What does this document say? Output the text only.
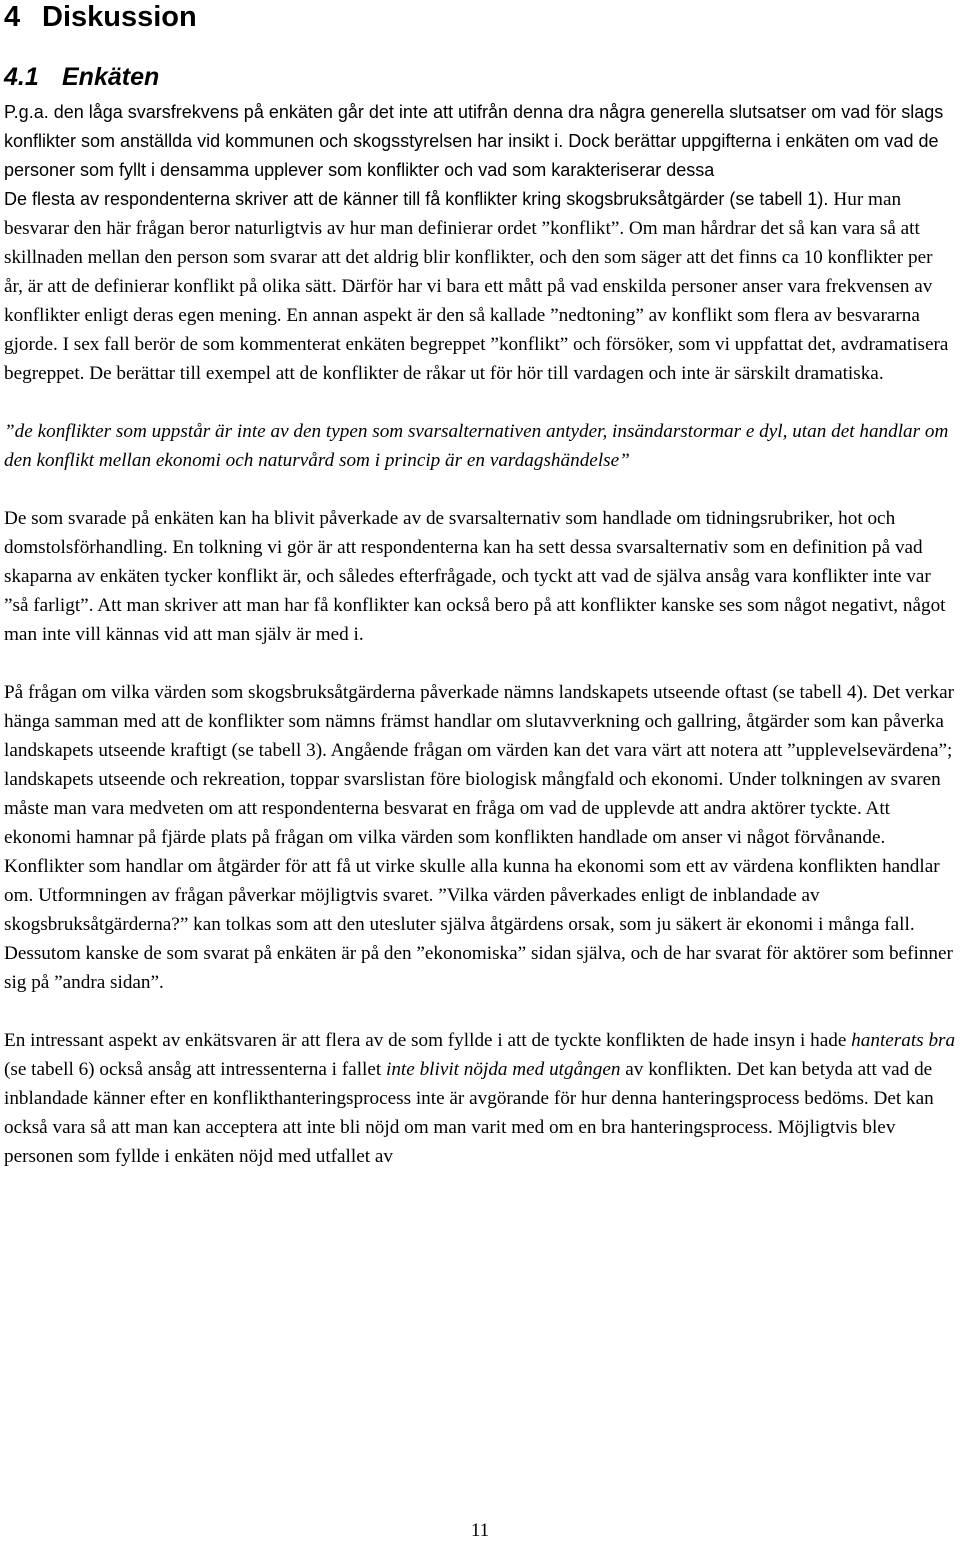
4 Diskussion
4.1 Enkäten

P.g.a. den låga svarsfrekvens på enkäten går det inte att utifrån denna dra några generella slutsatser om vad för slags konflikter som anställda vid kommunen och skogsstyrelsen har insikt i. Dock berättar uppgifterna i enkäten om vad de personer som fyllt i densamma upplever som konflikter och vad som karakteriserar dessa
De flesta av respondenterna skriver att de känner till få konflikter kring skogsbruksåtgärder (se tabell 1). Hur man besvarar den här frågan beror naturligtvis av hur man definierar ordet ”konflikt”. Om man hårdrar det så kan vara så att skillnaden mellan den person som svarar att det aldrig blir konflikter, och den som säger att det finns ca 10 konflikter per år, är att de definierar konflikt på olika sätt. Därför har vi bara ett mått på vad enskilda personer anser vara frekvensen av konflikter enligt deras egen mening. En annan aspekt är den så kallade ”nedtoning” av konflikt som flera av besvararna gjorde. I sex fall berör de som kommenterat enkäten begreppet ”konflikt” och försöker, som vi uppfattat det, avdramatisera begreppet. De berättar till exempel att de konflikter de råkar ut för hör till vardagen och inte är särskilt dramatiska.

”de konflikter som uppstår är inte av den typen som svarsalternativen antyder, insändarstormar e dyl, utan det handlar om den konflikt mellan ekonomi och naturvård som i princip är en vardagshändelse”

De som svarade på enkäten kan ha blivit påverkade av de svarsalternativ som handlade om tidningsrubriker, hot och domstolsförhandling. En tolkning vi gör är att respondenterna kan ha sett dessa svarsalternativ som en definition på vad skaparna av enkäten tycker konflikt är, och således efterfrågade, och tyckt att vad de själva ansåg vara konflikter inte var ”så farligt”. Att man skriver att man har få konflikter kan också bero på att konflikter kanske ses som något negativt, något man inte vill kännas vid att man själv är med i.

På frågan om vilka värden som skogsbruksåtgärderna påverkade nämns landskapets utseende oftast (se tabell 4). Det verkar hänga samman med att de konflikter som nämns främst handlar om slutavverkning och gallring, åtgärder som kan påverka landskapets utseende kraftigt (se tabell 3). Angående frågan om värden kan det vara värt att notera att ”upplevelsevärdena”; landskapets utseende och rekreation, toppar svarslistan före biologisk mångfald och ekonomi. Under tolkningen av svaren måste man vara medveten om att respondenterna besvarat en fråga om vad de upplevde att andra aktörer tyckte. Att ekonomi hamnar på fjärde plats på frågan om vilka värden som konflikten handlade om anser vi något förvånande. Konflikter som handlar om åtgärder för att få ut virke skulle alla kunna ha ekonomi som ett av värdena konflikten handlar om. Utformningen av frågan påverkar möjligtvis svaret. ”Vilka värden påverkades enligt de inblandade av skogsbruksåtgärderna?” kan tolkas som att den utesluter själva åtgärdens orsak, som ju säkert är ekonomi i många fall. Dessutom kanske de som svarat på enkäten är på den ”ekonomiska” sidan själva, och de har svarat för aktörer som befinner sig på ”andra sidan”.

En intressant aspekt av enkätsvaren är att flera av de som fyllde i att de tyckte konflikten de hade insyn i hade hanterats bra (se tabell 6) också ansåg att intressenterna i fallet inte blivit nöjda med utgången av konflikten. Det kan betyda att vad de inblandade känner efter en konflikthanteringsprocess inte är avgörande för hur denna hanteringsprocess bedöms. Det kan också vara så att man kan acceptera att inte bli nöjd om man varit med om en bra hanteringsprocess. Möjligtvis blev personen som fyllde i enkäten nöjd med utfallet av

11
